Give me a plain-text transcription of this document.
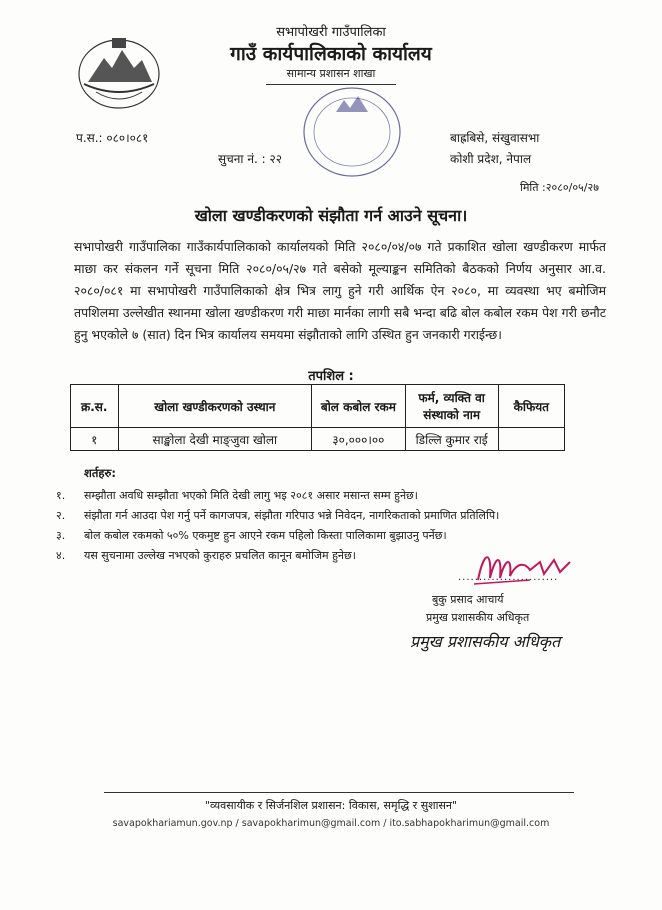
सभापोखरी गाउँपालिका
गाउँ कार्यपालिकाको कार्यालय
सामान्य प्रशासन शाखा
प.स.: ०८०।०८१
सुचना नं. : २२
बाह्रबिसे, संखुवासभा
कोशी प्रदेश, नेपाल
मिति :२०८०/०५/२७
खोला खण्डीकरणको संझौता गर्न आउने सूचना।
सभापोखरी गाउँपालिका गाउँकार्यपालिकाको कार्यालयको मिति २०८०/०४/०७ गते प्रकाशित खोला खण्डीकरण मार्फत माछा कर संकलन गर्ने सूचना मिति २०८०/०५/२७ गते बसेको मूल्याङ्कन समितिको बैठकको निर्णय अनुसार आ.व. २०८०/०८१ मा सभापोखरी गाउँपालिकाको क्षेत्र भित्र लागु हुने गरी आर्थिक ऐन २०८०, मा व्यवस्था भए बमोजिम तपशिलमा उल्लेखीत स्थानमा खोला खण्डीकरण गरी माछा मार्नका लागी सबै भन्दा बढि बोल कबोल रकम पेश गरी छनौट हुनु भएकोले ७ (सात) दिन भित्र कार्यालय समयमा संझौताको लागि उस्थित हुन जनकारी गराईन्छ।
तपशिल :
क्र.स.	खोला खण्डीकरणको उस्थान	बोल कबोल रकम	फर्म, व्यक्ति वा संस्थाको नाम	कैफियत
१	साङ्खोला देखी माङ्जुवा खोला	३०,०००।००	डिल्लि कुमार राई	
शर्तहरु:
१.	सम्झौता अवधि सम्झौता भएको मिति देखी लागु भइ २०८१ असार मसान्त सम्म हुनेछ।
२.	संझौता गर्न आउदा पेश गर्नु पर्ने कागजपत्र, संझौता गरिपाउ भन्ने निवेदन, नागरिकताको प्रमाणित प्रतिलिपि।
३.	बोल कबोल रकमको ५०% एकमुष्ट हुन आएने रकम पहिलो किस्ता पालिकामा बुझाउनु पर्नेछ।
४.	यस सुचनामा उल्लेख नभएको कुराहरु प्रचलित कानून बमोजिम हुनेछ।
........................
बुकु प्रसाद आचार्य
प्रमुख प्रशासकीय अधिकृत
प्रमुख प्रशासकीय अधिकृत
"व्यवसायीक र सिर्जनशिल प्रशासन: विकास, समृद्धि र सुशासन"
savapokhariamun.gov.np / savapokharimun@gmail.com / ito.sabhapokharimun@gmail.com
